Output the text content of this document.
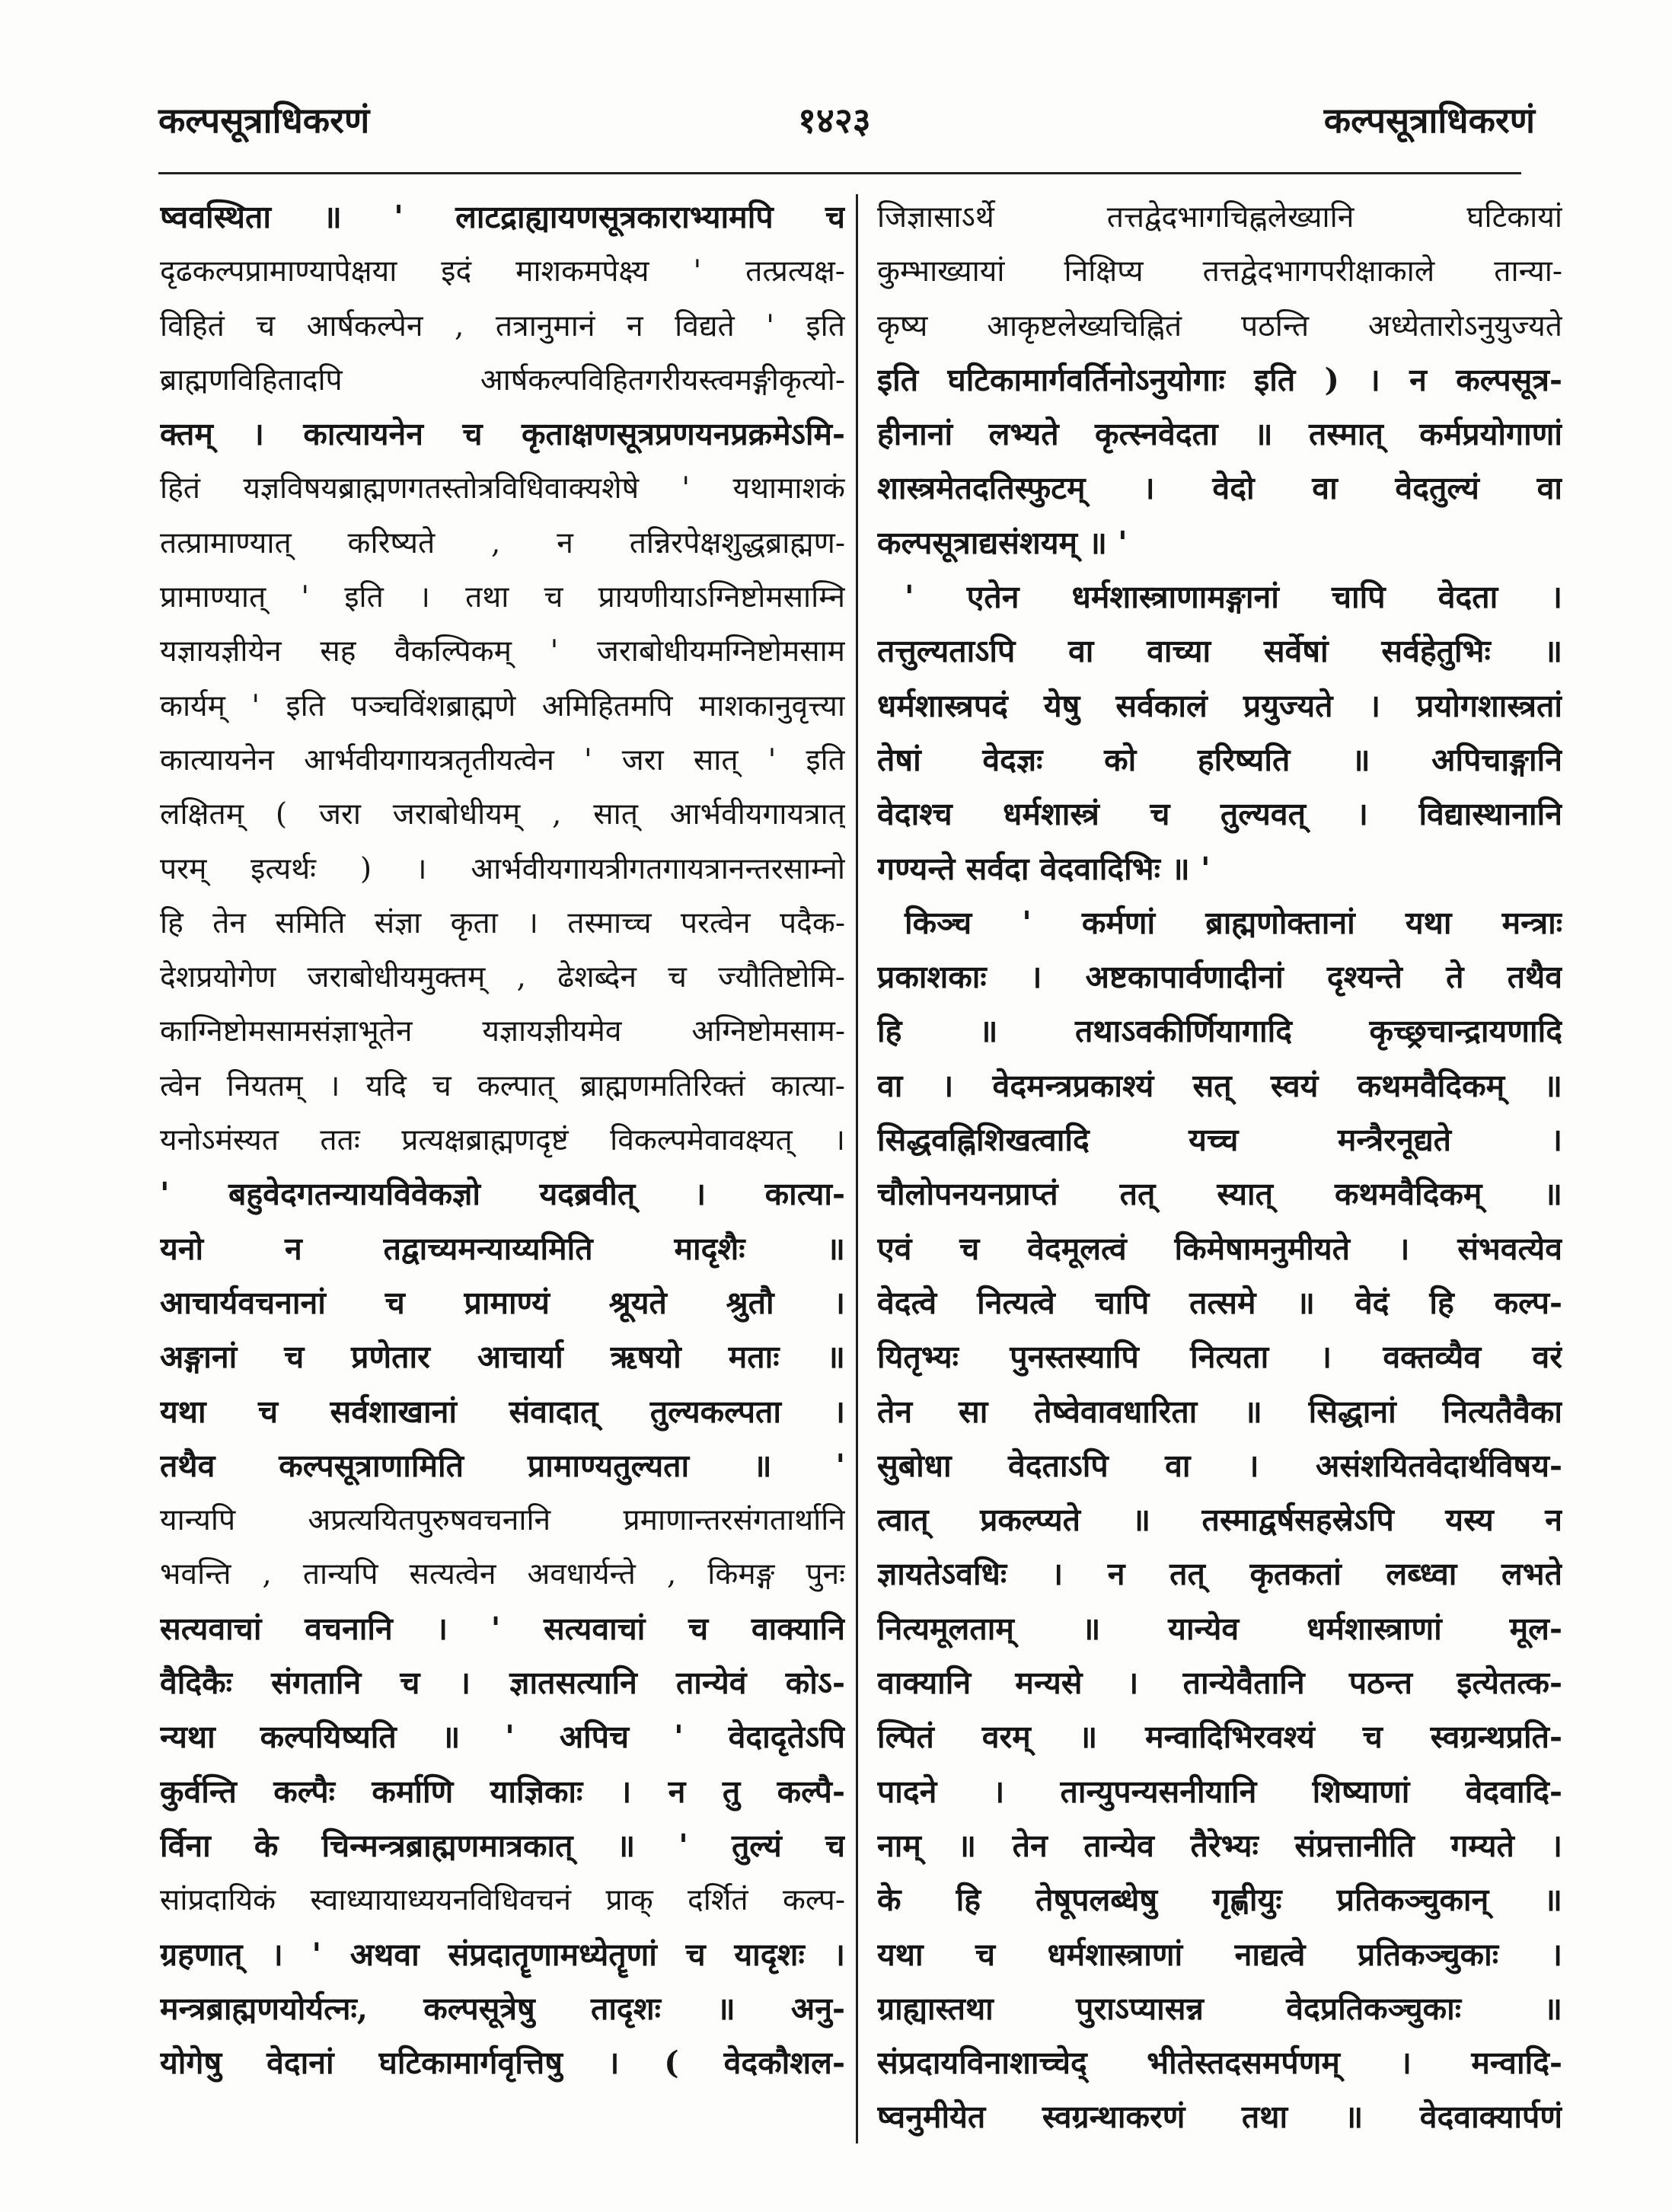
कल्पसूत्राधिकरणं	१४२३	कल्पसूत्राधिकरणं
ष्ववस्थिता ॥ ' लाटद्राह्यायणसूत्रकाराभ्यामपि च
दृढकल्पप्रामाण्यापेक्षया इदं माशकमपेक्ष्य ' तत्प्रत्यक्ष-
विहितं च आर्षकल्पेन , तत्रानुमानं न विद्यते ' इति
ब्राह्मणविहितादपि आर्षकल्पविहितगरीयस्त्वमङ्गीकृत्यो-
क्तम् । कात्यायनेन च कृताक्षणसूत्रप्रणयनप्रक्रमेऽमि-
हितं यज्ञविषयब्राह्मणगतस्तोत्रविधिवाक्यशेषे ' यथामाशकं
तत्प्रामाण्यात् करिष्यते , न तन्निरपेक्षशुद्धब्राह्मण-
प्रामाण्यात् ' इति । तथा च प्रायणीयाऽग्निष्टोमसाम्नि
यज्ञायज्ञीयेन सह वैकल्पिकम् ' जराबोधीयमग्निष्टोमसाम
कार्यम् ' इति पञ्चविंशब्राह्मणे अमिहितमपि माशकानुवृत्त्या
कात्यायनेन आर्भवीयगायत्रतृतीयत्वेन ' जरा सात् ' इति
लक्षितम् ( जरा जराबोधीयम् , सात् आर्भवीयगायत्रात्
परम् इत्यर्थः ) । आर्भवीयगायत्रीगतगायत्रानन्तरसाम्नो
हि तेन समिति संज्ञा कृता । तस्माच्च परत्वेन पदैक-
देशप्रयोगेण जराबोधीयमुक्तम् , ढेशब्देन च ज्यौतिष्टोमि-
काग्निष्टोमसामसंज्ञाभूतेन यज्ञायज्ञीयमेव अग्निष्टोमसाम-
त्वेन नियतम् । यदि च कल्पात् ब्राह्मणमतिरिक्तं कात्या-
यनोऽमंस्यत ततः प्रत्यक्षब्राह्मणदृष्टं विकल्पमेवावक्ष्यत् ।
' बहुवेदगतन्यायविवेकज्ञो यदब्रवीत् । कात्या-
यनो न तद्वाच्यमन्याय्यमिति मादृशैः ॥
आचार्यवचनानां च प्रामाण्यं श्रूयते श्रुतौ ।
अङ्गानां च प्रणेतार आचार्या ऋषयो मताः ॥
यथा च सर्वशाखानां संवादात् तुल्यकल्पता ।
तथैव कल्पसूत्राणामिति प्रामाण्यतुल्यता ॥ '
यान्यपि अप्रत्ययितपुरुषवचनानि प्रमाणान्तरसंगतार्थानि
भवन्ति , तान्यपि सत्यत्वेन अवधार्यन्ते , किमङ्ग पुनः
सत्यवाचां वचनानि । ' सत्यवाचां च वाक्यानि
वैदिकैः संगतानि च । ज्ञातसत्यानि तान्येवं कोऽ-
न्यथा कल्पयिष्यति ॥ ' अपिच ' वेदादृतेऽपि
कुर्वन्ति कल्पैः कर्माणि याज्ञिकाः । न तु कल्पै-
र्विना के चिन्मन्त्रब्राह्मणमात्रकात् ॥ ' तुल्यं च
सांप्रदायिकं स्वाध्यायाध्ययनविधिवचनं प्राक् दर्शितं कल्प-
ग्रहणात् । ' अथवा संप्रदातॄणामध्येतॄणां च यादृशः ।
मन्त्रब्राह्मणयोर्यत्नः, कल्पसूत्रेषु तादृशः ॥ अनु-
योगेषु वेदानां घटिकामार्गवृत्तिषु । ( वेदकौशल-
जिज्ञासाऽर्थे तत्तद्वेदभागचिह्नलेख्यानि घटिकायां
कुम्भाख्यायां निक्षिप्य तत्तद्वेदभागपरीक्षाकाले तान्या-
कृष्य आकृष्टलेख्यचिह्नितं पठन्ति अध्येतारोऽनुयुज्यते
इति घटिकामार्गवर्तिनोऽनुयोगाः इति ) । न कल्पसूत्र-
हीनानां लभ्यते कृत्स्नवेदता ॥ तस्मात् कर्मप्रयोगाणां
शास्त्रमेतदतिस्फुटम् । वेदो वा वेदतुल्यं वा
कल्पसूत्राद्यसंशयम् ॥ '
' एतेन धर्मशास्त्राणामङ्गानां चापि वेदता ।
तत्तुल्यताऽपि वा वाच्या सर्वेषां सर्वहेतुभिः ॥
धर्मशास्त्रपदं येषु सर्वकालं प्रयुज्यते । प्रयोगशास्त्रतां
तेषां वेदज्ञः को हरिष्यति ॥ अपिचाङ्गानि
वेदाश्च धर्मशास्त्रं च तुल्यवत् । विद्यास्थानानि
गण्यन्ते सर्वदा वेदवादिभिः ॥ '
किञ्च ' कर्मणां ब्राह्मणोक्तानां यथा मन्त्राः
प्रकाशकाः । अष्टकापार्वणादीनां दृश्यन्ते ते तथैव
हि ॥ तथाऽवकीर्णियागादि कृच्छ्रचान्द्रायणादि
वा । वेदमन्त्रप्रकाश्यं सत् स्वयं कथमवैदिकम् ॥
सिद्धवह्निशिखत्वादि यच्च मन्त्रैरनूद्यते ।
चौलोपनयनप्राप्तं तत् स्यात् कथमवैदिकम् ॥
एवं च वेदमूलत्वं किमेषामनुमीयते । संभवत्येव
वेदत्वे नित्यत्वे चापि तत्समे ॥ वेदं हि कल्प-
यितृभ्यः पुनस्तस्यापि नित्यता । वक्तव्यैव वरं
तेन सा तेष्वेवावधारिता ॥ सिद्धानां नित्यतैवैका
सुबोधा वेदताऽपि वा । असंशयितवेदार्थविषय-
त्वात् प्रकल्प्यते ॥ तस्माद्वर्षसहस्रेऽपि यस्य न
ज्ञायतेऽवधिः । न तत् कृतकतां लब्ध्वा लभते
नित्यमूलताम् ॥ यान्येव धर्मशास्त्राणां मूल-
वाक्यानि मन्यसे । तान्येवैतानि पठन्त इत्येतत्क-
ल्पितं वरम् ॥ मन्वादिभिरवश्यं च स्वग्रन्थप्रति-
पादने । तान्युपन्यसनीयानि शिष्याणां वेदवादि-
नाम् ॥ तेन तान्येव तैरेभ्यः संप्रत्तानीति गम्यते ।
के हि तेषूपलब्धेषु गृह्णीयुः प्रतिकञ्चुकान् ॥
यथा च धर्मशास्त्राणां नाद्यत्वे प्रतिकञ्चुकाः ।
ग्राह्यास्तथा पुराऽप्यासन्न वेदप्रतिकञ्चुकाः ॥
संप्रदायविनाशाच्चेद् भीतेस्तदसमर्पणम् । मन्वादि-
ष्वनुमीयेत स्वग्रन्थाकरणं तथा ॥ वेदवाक्यार्पणं
